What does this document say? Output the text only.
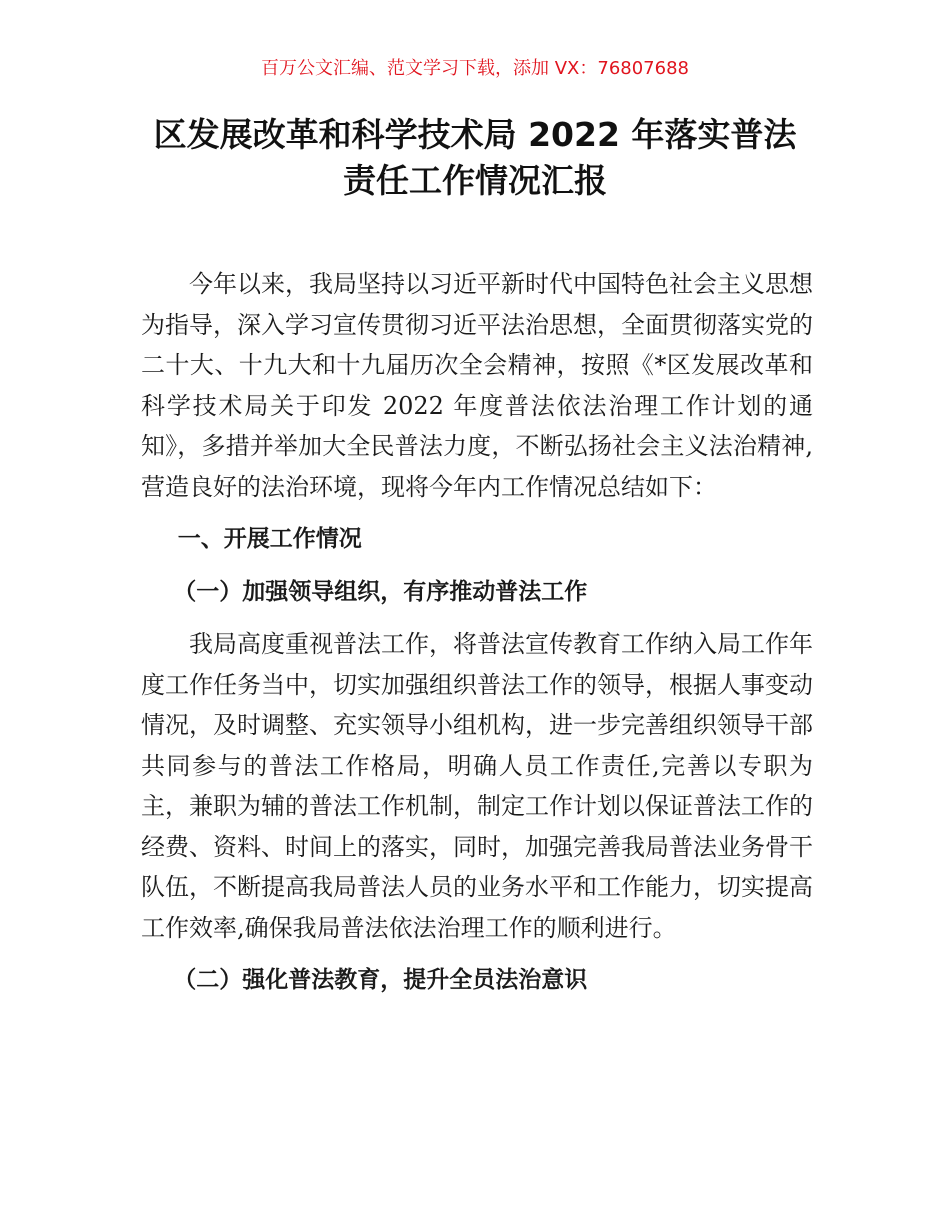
百万公文汇编、范文学习下载，添加 VX：76807688
区发展改革和科学技术局 2022 年落实普法
责任工作情况汇报

今年以来，我局坚持以习近平新时代中国特色社会主义思想为指导，深入学习宣传贯彻习近平法治思想，全面贯彻落实党的二十大、十九大和十九届历次全会精神，按照《*区发展改革和科学技术局关于印发 2022 年度普法依法治理工作计划的通知》，多措并举加大全民普法力度，不断弘扬社会主义法治精神,营造良好的法治环境，现将今年内工作情况总结如下：

一、开展工作情况

（一）加强领导组织，有序推动普法工作

我局高度重视普法工作，将普法宣传教育工作纳入局工作年度工作任务当中，切实加强组织普法工作的领导，根据人事变动情况，及时调整、充实领导小组机构，进一步完善组织领导干部共同参与的普法工作格局，明确人员工作责任,完善以专职为主，兼职为辅的普法工作机制，制定工作计划以保证普法工作的经费、资料、时间上的落实，同时，加强完善我局普法业务骨干队伍，不断提高我局普法人员的业务水平和工作能力，切实提高工作效率,确保我局普法依法治理工作的顺利进行。

（二）强化普法教育，提升全员法治意识
